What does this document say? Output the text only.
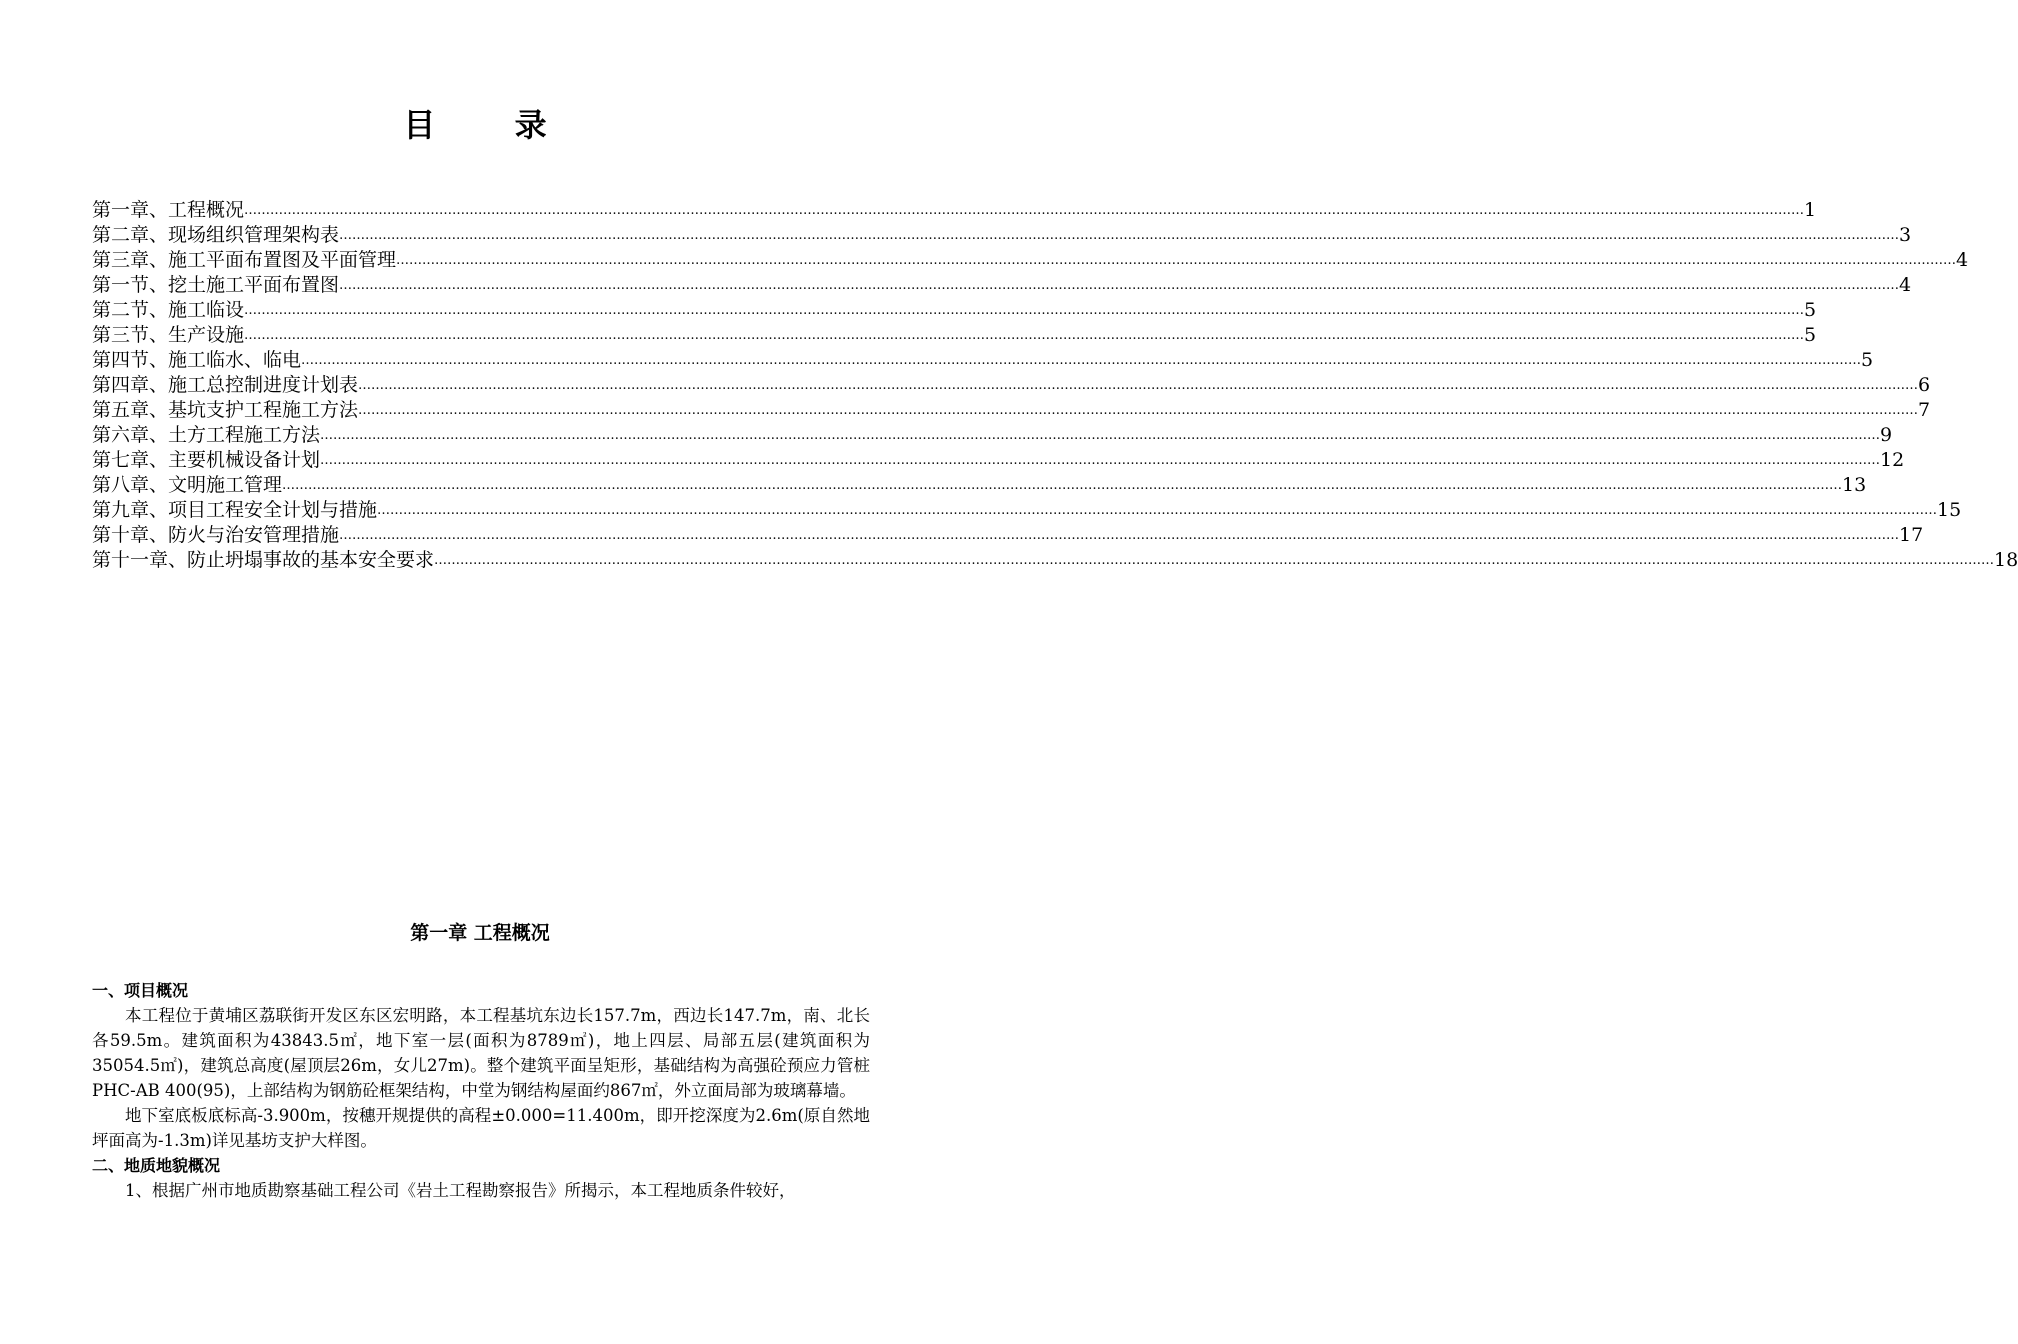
目 录
第一章、工程概况 ……………………………………………………………………………………………………………………………………………………………………………………………………………………………………………………………………………………………………………………………… 1
第二章、现场组织管理架构表 ……………………………………………………………………………………………………………………………………………………………………………………………………………………………………………………………………………………………………………………………… 3
第三章、施工平面布置图及平面管理 ……………………………………………………………………………………………………………………………………………………………………………………………………………………………………………………………………………………………………………………………… 4
第一节、挖土施工平面布置图 ……………………………………………………………………………………………………………………………………………………………………………………………………………………………………………………………………………………………………………………………… 4
第二节、施工临设 ……………………………………………………………………………………………………………………………………………………………………………………………………………………………………………………………………………………………………………………………… 5
第三节、生产设施 ……………………………………………………………………………………………………………………………………………………………………………………………………………………………………………………………………………………………………………………………… 5
第四节、施工临水、临电 ……………………………………………………………………………………………………………………………………………………………………………………………………………………………………………………………………………………………………………………………… 5
第四章、施工总控制进度计划表 ……………………………………………………………………………………………………………………………………………………………………………………………………………………………………………………………………………………………………………………………… 6
第五章、基坑支护工程施工方法 ……………………………………………………………………………………………………………………………………………………………………………………………………………………………………………………………………………………………………………………………… 7
第六章、土方工程施工方法 ……………………………………………………………………………………………………………………………………………………………………………………………………………………………………………………………………………………………………………………………… 9
第七章、主要机械设备计划 ……………………………………………………………………………………………………………………………………………………………………………………………………………………………………………………………………………………………………………………………… 12
第八章、文明施工管理 ……………………………………………………………………………………………………………………………………………………………………………………………………………………………………………………………………………………………………………………………… 13
第九章、项目工程安全计划与措施 ……………………………………………………………………………………………………………………………………………………………………………………………………………………………………………………………………………………………………………………………… 15
第十章、防火与治安管理措施 ……………………………………………………………………………………………………………………………………………………………………………………………………………………………………………………………………………………………………………………………… 17
第十一章、防止坍塌事故的基本安全要求 ……………………………………………………………………………………………………………………………………………………………………………………………………………………………………………………………………………………………………………………………… 18
第一章 工程概况
一、项目概况

本工程位于黄埔区荔联街开发区东区宏明路，本工程基坑东边长157.7m，西边长147.7m，南、北长各59.5m。建筑面积为43843.5㎡，地下室一层(面积为8789㎡)，地上四层、局部五层(建筑面积为35054.5㎡)，建筑总高度(屋顶层26m，女儿27m)。整个建筑平面呈矩形，基础结构为高强砼预应力管桩PHC-AB 400(95)，上部结构为钢筋砼框架结构，中堂为钢结构屋面约867㎡，外立面局部为玻璃幕墙。

地下室底板底标高-3.900m，按穗开规提供的高程±0.000=11.400m，即开挖深度为2.6m(原自然地坪面高为-1.3m)详见基坊支护大样图。

二、地质地貌概况

1、根据广州市地质勘察基础工程公司《岩土工程勘察报告》所揭示，本工程地质条件较好，
